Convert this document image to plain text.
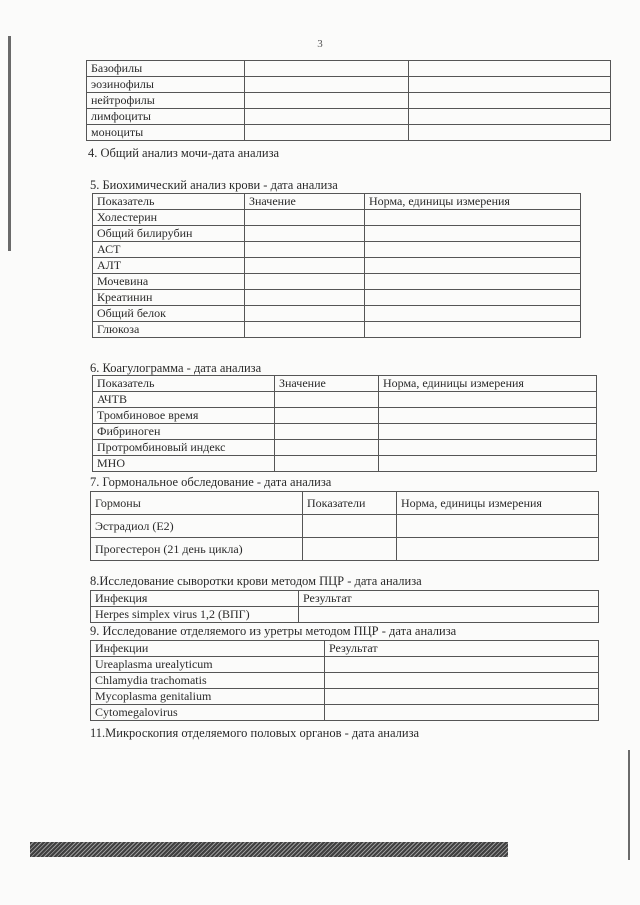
3
Базофилы		
эозинофилы		
нейтрофилы		
лимфоциты		
моноциты		
4. Общий анализ мочи-дата анализа
5. Биохимический анализ крови - дата анализа
Показатель	Значение	Норма, единицы измерения
Холестерин		
Общий билирубин		
АСТ		
АЛТ		
Мочевина		
Креатинин		
Общий белок		
Глюкоза		
6. Коагулограмма - дата анализа
Показатель	Значение	Норма, единицы измерения
АЧТВ		
Тромбиновое время		
Фибриноген		
Протромбиновый индекс		
МНО		
7. Гормональное обследование - дата анализа
Гормоны	Показатели	Норма, единицы измерения
Эстрадиол (Е2)		
Прогестерон (21 день цикла)		
8.Исследование сыворотки крови методом ПЦР - дата анализа
Инфекция	Результат
Herpes simplex virus 1,2 (ВПГ)	
9. Исследование отделяемого из уретры методом ПЦР - дата анализа
Инфекции	Результат
Ureaplasma urealyticum	
Chlamydia trachomatis	
Mycoplasma genitalium	
Cytomegalovirus	
11.Микроскопия отделяемого половых органов - дата анализа
